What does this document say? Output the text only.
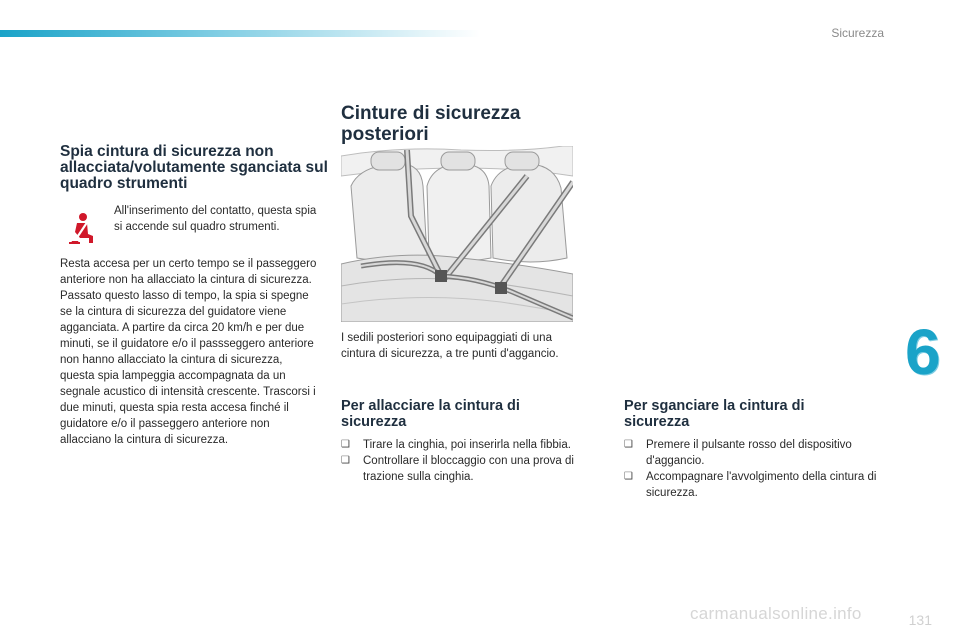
Sicurezza
Spia cintura di sicurezza non allacciata/volutamente sganciata sul quadro strumenti
All'inserimento del contatto, questa spia si accende sul quadro strumenti.
Resta accesa per un certo tempo se il passeggero anteriore non ha allacciato la cintura di sicurezza. Passato questo lasso di tempo, la spia si spegne se la cintura di sicurezza del guidatore viene agganciata. A partire da circa 20 km/h e per due minuti, se il guidatore e/o il passseggero anteriore non hanno allacciato la cintura di sicurezza, questa spia lampeggia accompagnata da un segnale acustico di intensità crescente. Trascorsi i due minuti, questa spia resta accesa finché il guidatore e/o il passeggero anteriore non allacciano la cintura di sicurezza.
Cinture di sicurezza posteriori
I sedili posteriori sono equipaggiati di una cintura di sicurezza, a tre punti d'aggancio.
Per allacciare la cintura di sicurezza
❑ Tirare la cinghia, poi inserirla nella fibbia.
❑ Controllare il bloccaggio con una prova di trazione sulla cinghia.
Per sganciare la cintura di sicurezza
❑ Premere il pulsante rosso del dispositivo d'aggancio.
❑ Accompagnare l'avvolgimento della cintura di sicurezza.
6
carmanualsonline.info	131
